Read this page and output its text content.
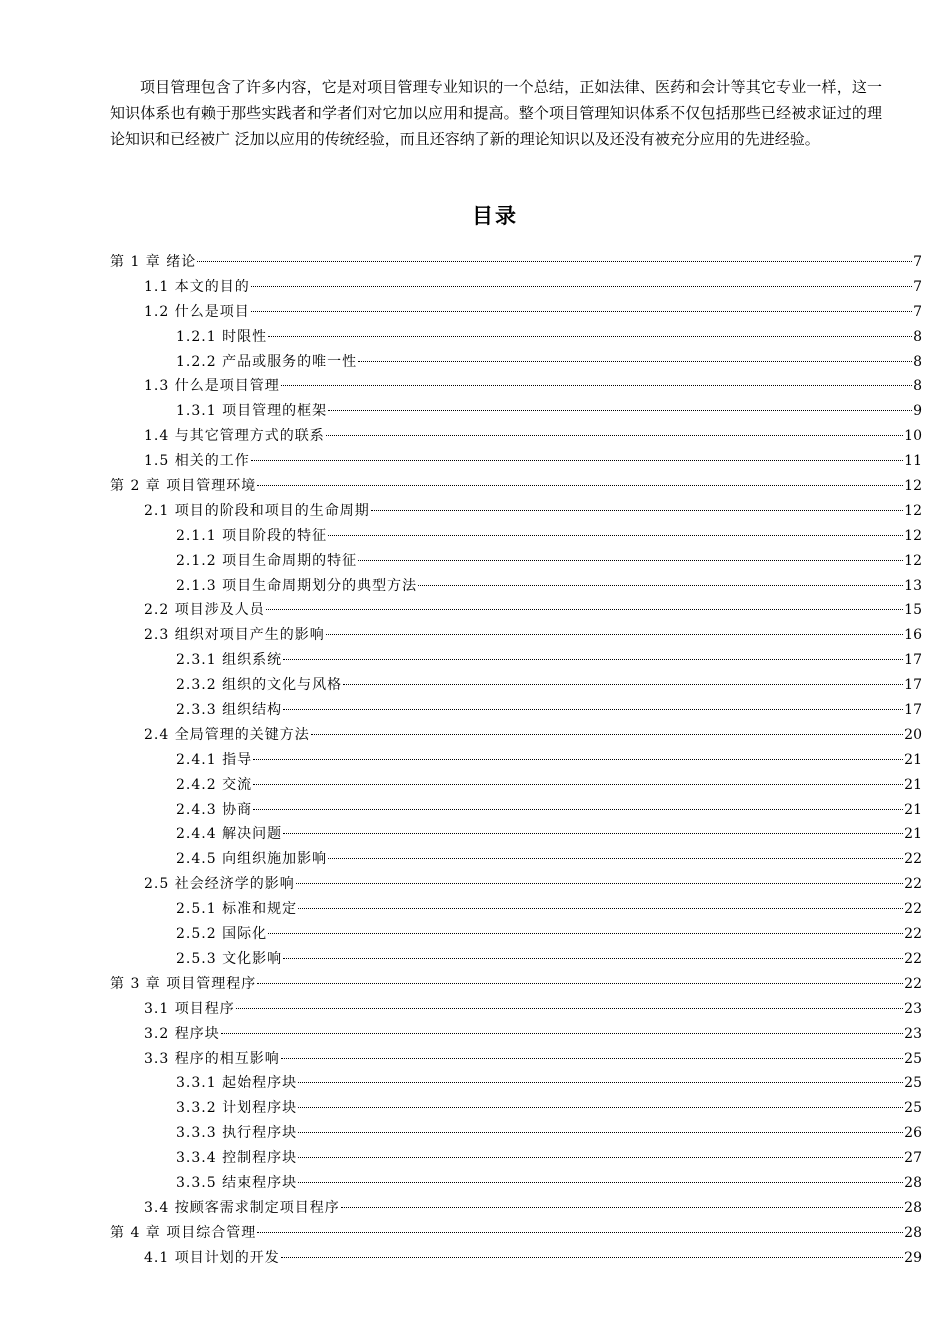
项目管理包含了许多内容，它是对项目管理专业知识的一个总结，正如法律、医药和会计等其它专业一样，这一知识体系也有赖于那些实践者和学者们对它加以应用和提高。整个项目管理知识体系不仅包括那些已经被求证过的理论知识和已经被广 泛加以应用的传统经验，而且还容纳了新的理论知识以及还没有被充分应用的先进经验。

目录
第 1 章 绪论	7
1.1 本文的目的	7
1.2 什么是项目	7
1.2.1 时限性	8
1.2.2 产品或服务的唯一性	8
1.3 什么是项目管理	8
1.3.1 项目管理的框架	9
1.4 与其它管理方式的联系	10
1.5 相关的工作	11
第 2 章 项目管理环境	12
2.1 项目的阶段和项目的生命周期	12
2.1.1 项目阶段的特征	12
2.1.2 项目生命周期的特征	12
2.1.3 项目生命周期划分的典型方法	13
2.2 项目涉及人员	15
2.3 组织对项目产生的影响	16
2.3.1 组织系统	17
2.3.2 组织的文化与风格	17
2.3.3 组织结构	17
2.4 全局管理的关键方法	20
2.4.1 指导	21
2.4.2 交流	21
2.4.3 协商	21
2.4.4 解决问题	21
2.4.5 向组织施加影响	22
2.5 社会经济学的影响	22
2.5.1 标准和规定	22
2.5.2 国际化	22
2.5.3 文化影响	22
第 3 章 项目管理程序	22
3.1 项目程序	23
3.2 程序块	23
3.3 程序的相互影响	25
3.3.1 起始程序块	25
3.3.2 计划程序块	25
3.3.3 执行程序块	26
3.3.4 控制程序块	27
3.3.5 结束程序块	28
3.4 按顾客需求制定项目程序	28
第 4 章 项目综合管理	28
4.1 项目计划的开发	29
